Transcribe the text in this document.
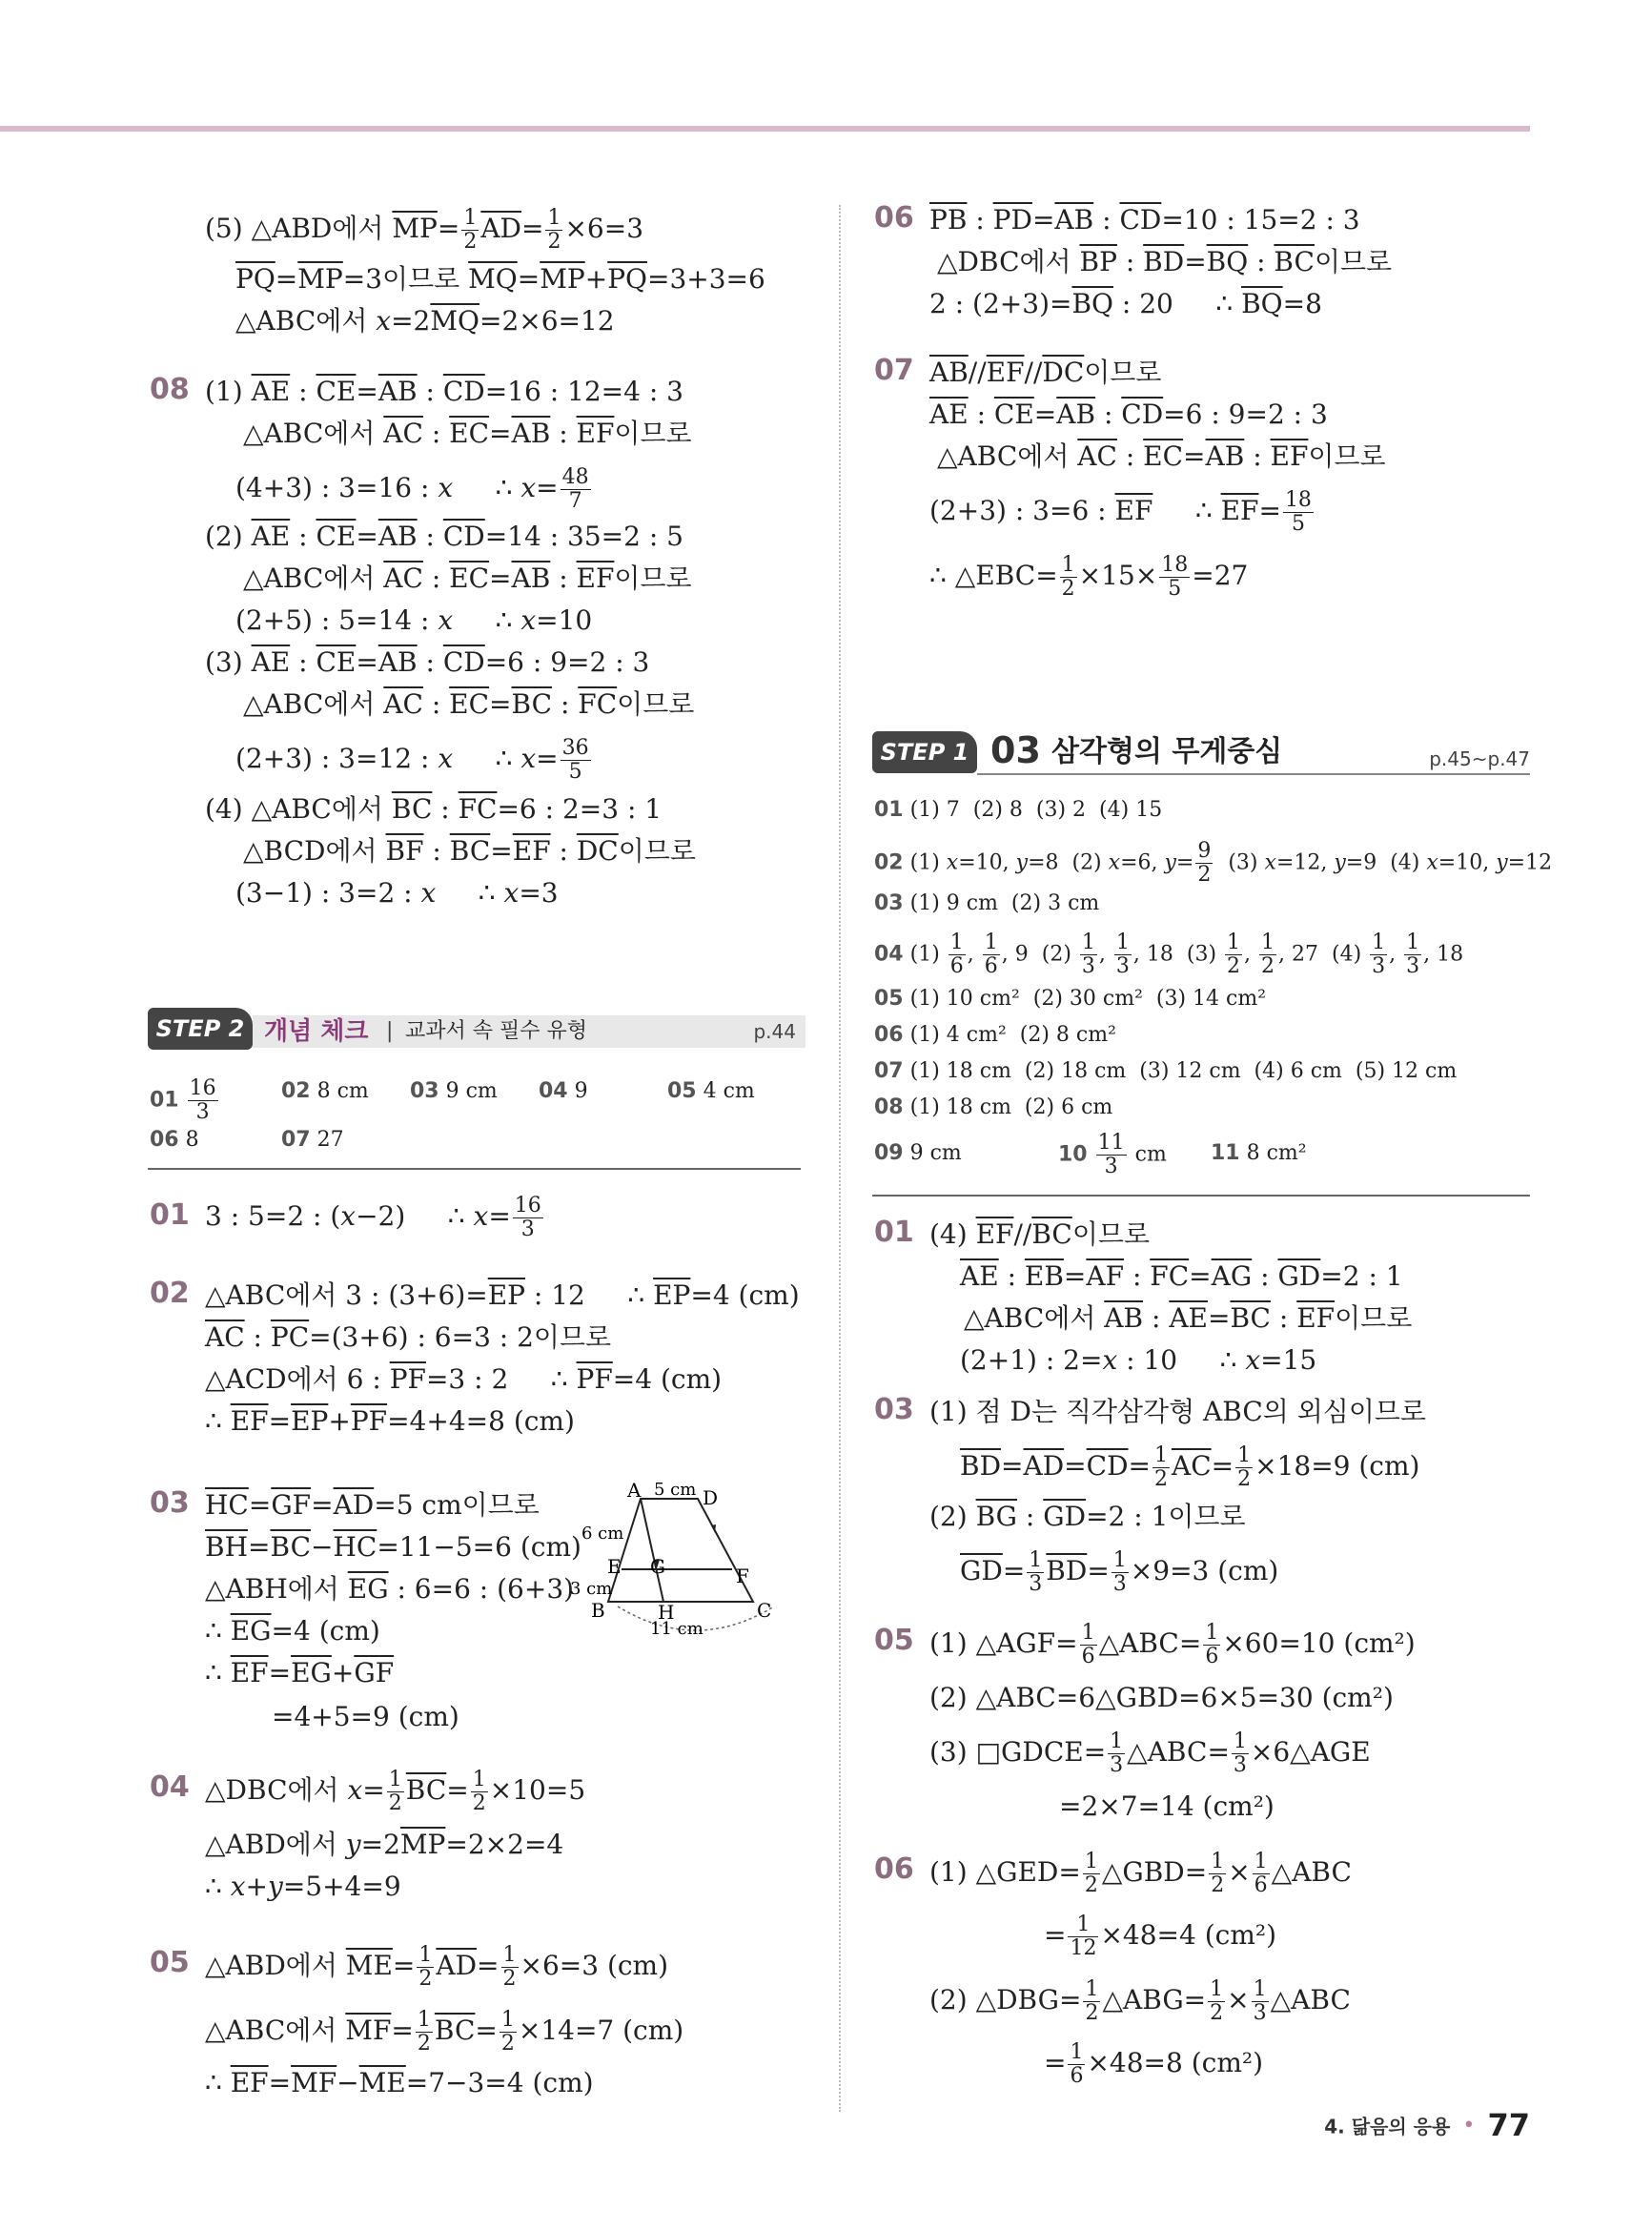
(5) △ABD에서 $\overline{MP}= \frac{1}{2} \overline{AD}= \frac{1}{2} \times 6=3$
$\overline{PQ}=\overline{MP}=3$이므로 $\overline{MQ}=\overline{MP}+\overline{PQ}=3+3=6$
△ABC에서 $x=2\overline{MQ}=2\times 6=12$
08 (1) $\overline{AE}$ : $\overline{CE}=\overline{AB}$ : $\overline{CD}=16$ : 12=4 : 3
△ABC에서 $\overline{AC}$ : $\overline{EC}=\overline{AB}$ : $\overline{EF}$이므로
(4+3) : 3=16 : x     ∴ $x= \frac{48}{7}$
(2) $\overline{AE}$ : $\overline{CE}=\overline{AB}$ : $\overline{CD}=14$ : 35=2 : 5
△ABC에서 $\overline{AC}$ : $\overline{EC}=\overline{AB}$ : $\overline{EF}$이므로
(2+5) : 5=14 : x     ∴ x=10
(3) $\overline{AE}$ : $\overline{CE}=\overline{AB}$ : $\overline{CD}=6$ : 9=2 : 3
△ABC에서 $\overline{AC}$ : $\overline{EC}=\overline{BC}$ : $\overline{FC}$이므로
(2+3) : 3=12 : x     ∴ $x= \frac{36}{5}$
(4) △ABC에서 $\overline{BC}$ : $\overline{FC}=6$ : 2=3 : 1
△BCD에서 $\overline{BF}$ : $\overline{BC}=\overline{EF}$ : $\overline{DC}$이므로
(3−1) : 3=2 : x     ∴ x=3
STEP 2 개념 체크 | 교과서 속 필수 유형	p.44
$01 \frac{16}{3}$	02 8 cm 03 9 cm 04 9	05 4 cm
06 8	07 27
01 3 : 5=2 : (x−2)     ∴ $x= \frac{16}{3}$
02 △ABC에서 3 : $(3+6)=\overline{EP}$ : 12     ∴ $\overline{EP}=4$ (cm)
$\overline{AC}$ : $\overline{PC}=(3+6)$ : 6=3 : 2이므로
△ACD에서 6 : $\overline{PF}=3$ : 2     ∴ $\overline{PF}=4$ (cm)
∴ $\overline{EF}=\overline{EP}+\overline{PF}=4+4=8$ (cm)
03 $\overline{HC}=\overline{GF}=\overline{AD}=5$ cm이므로
$\overline{BH}=\overline{BC}-\overline{HC}=11-5=6$ (cm)
△ABH에서 $\overline{EG}$ : 6=6 : (6+3)
∴ $\overline{EG}=4$ (cm)
∴ $\overline{EF}=\overline{EG}+\overline{GF}$
=4+5=9 (cm)
A 5 cm D
6 cm
E G	F
3 cm
B	H	C
11 cm
04 △DBC에서 $x= \frac{1}{2} \overline{BC}= \frac{1}{2} \times 10=5$
△ABD에서 $y=2\overline{MP}=2\times 2=4$
∴ x+y=5+4=9
05 △ABD에서 $\overline{ME}= \frac{1}{2} \overline{AD}= \frac{1}{2} \times 6=3$ (cm)
△ABC에서 $\overline{MF}= \frac{1}{2} \overline{BC}= \frac{1}{2} \times 14=7$ (cm)
∴ $\overline{EF}=\overline{MF}-\overline{ME}=7-3=4$ (cm)
06 $\overline{PB}$ : $\overline{PD}=\overline{AB}$ : $\overline{CD}=10$ : 15=2 : 3
△DBC에서 $\overline{BP}$ : $\overline{BD}=\overline{BQ}$ : $\overline{BC}$이므로
2 : $(2+3)=\overline{BQ}$ : 20     ∴ $\overline{BQ}=8$
07 $\overline{AB}//\overline{EF}//\overline{DC}$이므로
$\overline{AE}$ : $\overline{CE}=\overline{AB}$ : $\overline{CD}=6$ : 9=2 : 3
△ABC에서 $\overline{AC}$ : $\overline{EC}=\overline{AB}$ : $\overline{EF}$이므로
(2+3) : 3=6 : $\overline{EF}$     ∴ $\overline{EF}= \frac{18}{5}$
∴ △EBC= $\frac{1}{2} \times 15\times \frac{18}{5} =27$
STEP 1 03 삼각형의 무게중심	p.45~p.47
01 (1) 7  (2) 8  (3) 2  (4) 15
02 (1) x=10, y=8  (2) x=6, $y= \frac{9}{2} (3)$ x=12, y=9  (4) x=10, y=12
03 (1) 9 cm  (2) 3 cm
04 $(1) \frac{1}{6}$ , $\frac{1}{6}$ , 9  $(2) \frac{1}{3}$ , $\frac{1}{3}$ , 18  $(3) \frac{1}{2}$ , $\frac{1}{2}$ , 27  $(4) \frac{1}{3}$ , $\frac{1}{3}$ , 18
05 (1) 10 cm²  (2) 30 cm²  (3) 14 cm²
06 (1) 4 cm²  (2) 8 cm²
07 (1) 18 cm  (2) 18 cm  (3) 12 cm  (4) 6 cm  (5) 12 cm
08 (1) 18 cm  (2) 6 cm
09 9 cm	$10 \frac{11}{3}$ cm 11 8 cm²
01 (4) $\overline{EF}//\overline{BC}$이므로
$\overline{AE}$ : $\overline{EB}=\overline{AF}$ : $\overline{FC}=\overline{AG}$ : $\overline{GD}=2$ : 1
△ABC에서 $\overline{AB}$ : $\overline{AE}=\overline{BC}$ : $\overline{EF}$이므로
(2+1) : 2=x : 10     ∴ x=15
03 (1) 점 D는 직각삼각형 ABC의 외심이므로
$\overline{BD}=\overline{AD}=\overline{CD}= \frac{1}{2} \overline{AC}= \frac{1}{2} \times 18=9$ (cm)
(2) $\overline{BG}$ : $\overline{GD}=2$ : 1이므로
$\overline{GD}= \frac{1}{3} \overline{BD}= \frac{1}{3} \times 9=3$ (cm)
05 (1) △AGF= $\frac{1}{6}$ △ABC= $\frac{1}{6} \times 60=10$ (cm²)
(2) △ABC=6△GBD=6×5=30 (cm²)
(3) □GDCE= $\frac{1}{3}$ △ABC= $\frac{1}{3}$ ×6△AGE
=2×7=14 (cm²)
06 (1) △GED= $\frac{1}{2}$ △GBD= $\frac{1}{2} \times \frac{1}{6}$ △ABC
= $\frac{1}{12} \times 48=4$ (cm²)
(2) △DBG= $\frac{1}{2}$ △ABG= $\frac{1}{2} \times \frac{1}{3}$ △ABC
= $\frac{1}{6} \times 48=8$ (cm²)
4. 닮음의 응용 • 77
